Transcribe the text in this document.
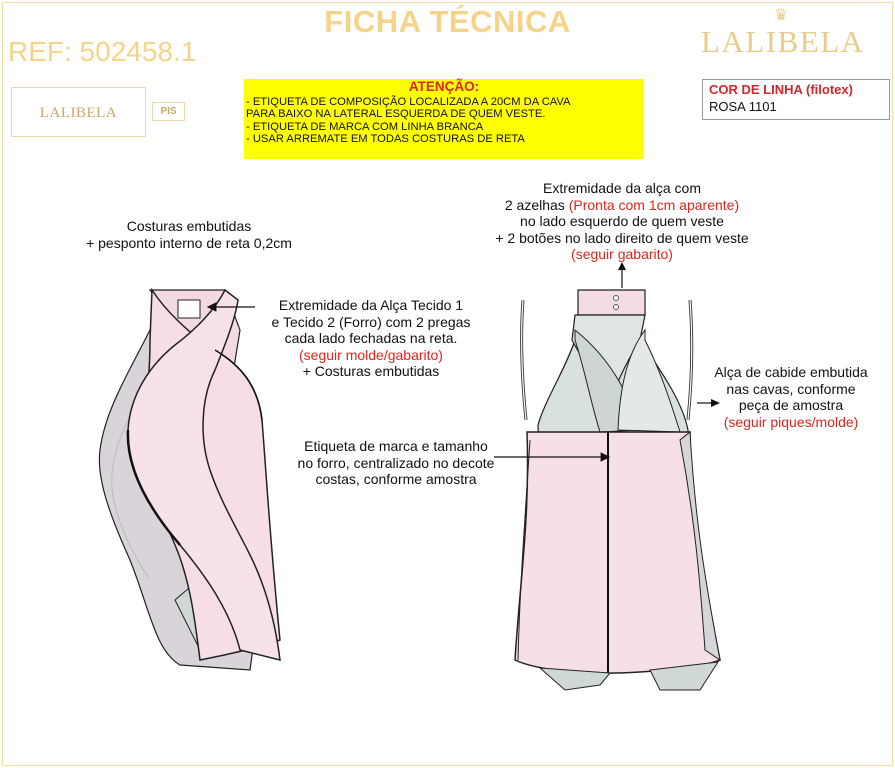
FICHA TÉCNICA
REF: 502458.1
♛
LALIBELA
LALIBELA	PIS
ATENÇÃO:
- ETIQUETA DE COMPOSIÇÃO LOCALIZADA A 20CM DA CAVA
PARA BAIXO NA LATERAL ESQUERDA DE QUEM VESTE.
- ETIQUETA DE MARCA COM LINHA BRANCA
- USAR ARREMATE EM TODAS COSTURAS DE RETA
COR DE LINHA (filotex)
ROSA 1101
Costuras embutidas
+ pesponto interno de reta 0,2cm
Extremidade da Alça Tecido 1
e Tecido 2 (Forro) com 2 pregas
cada lado fechadas na reta.
(seguir molde/gabarito)
+ Costuras embutidas
Etiqueta de marca e tamanho
no forro, centralizado no decote
costas, conforme amostra
Extremidade da alça com
2 azelhas (Pronta com 1cm aparente)
no lado esquerdo de quem veste
+ 2 botões no lado direito de quem veste
(seguir gabarito)
Alça de cabide embutida
nas cavas, conforme
peça de amostra
(seguir piques/molde)
